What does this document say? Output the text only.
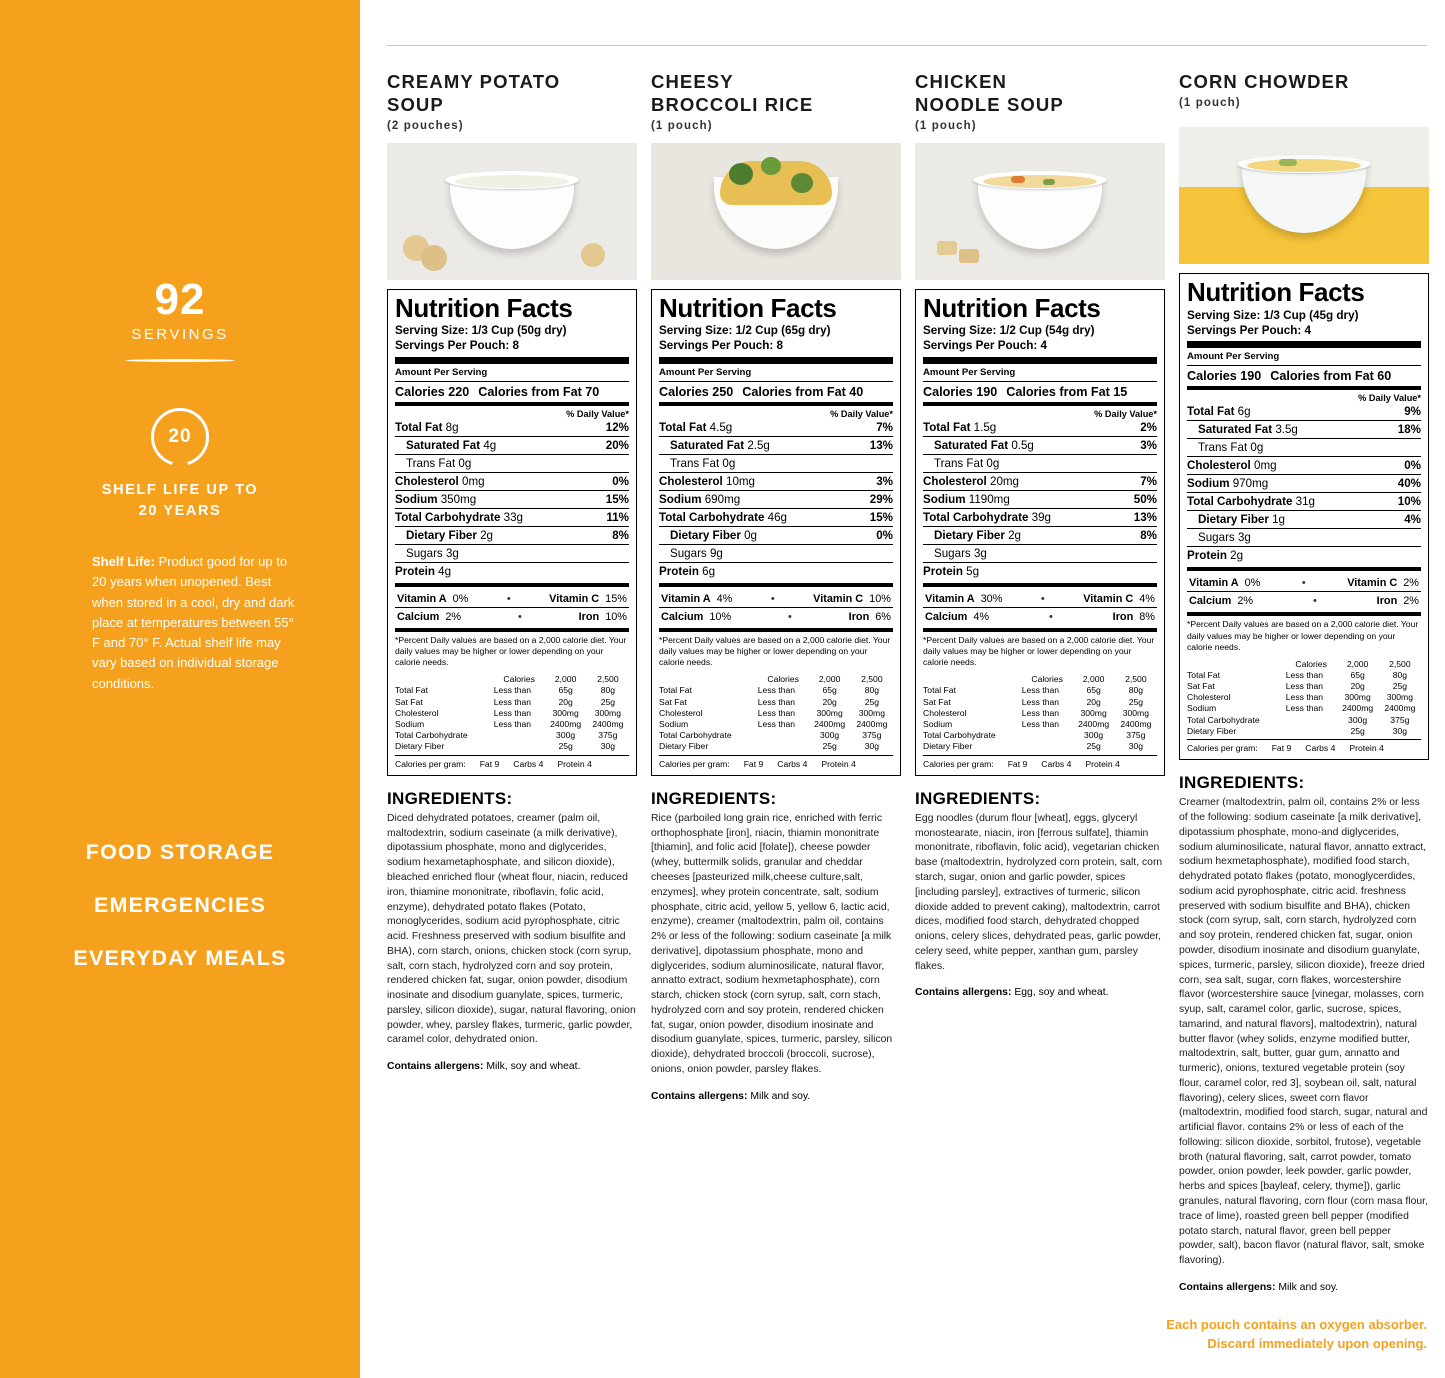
92
SERVINGS
20
SHELF LIFE UP TO
20 YEARS
Shelf Life: Product good for up to 20 years when unopened. Best when stored in a cool, dry and dark place at temperatures between 55° F and 70° F. Actual shelf life may vary based on individual storage conditions.
FOOD STORAGE
EMERGENCIES
EVERYDAY MEALS
CREAMY POTATO
SOUP
(2 pouches)
Nutrition Facts
Serving Size: 1/3 Cup (50g dry)
Servings Per Pouch: 8
Amount Per Serving
Calories 220 Calories from Fat 70
% Daily Value*
Total Fat 8g	12%
Saturated Fat 4g	20%
Trans Fat 0g
Cholesterol 0mg	0%
Sodium 350mg	15%
Total Carbohydrate 33g	11%
Dietary Fiber 2g	8%
Sugars 3g
Protein 4g
Vitamin A 0%	•	Vitamin C 15%
Calcium 2%	•	Iron 10%
*Percent Daily values are based on a 2,000 calorie diet. Your daily values may be higher or lower depending on your calorie needs.
		Calories	2,000	2,500
Total Fat		Less than	65g	80g
Sat Fat		Less than	20g	25g
Cholesterol		Less than	300mg	300mg
Sodium		Less than	2400mg	2400mg
Total Carbohydrate			300g	375g
Dietary Fiber			25g	30g
Calories per gram: Fat 9 Carbs 4 Protein 4
INGREDIENTS:
Diced dehydrated potatoes, creamer (palm oil, maltodextrin, sodium caseinate (a milk derivative), dipotassium phosphate, mono and diglycerides, sodium hexametaphosphate, and silicon dioxide), bleached enriched flour (wheat flour, niacin, reduced iron, thiamine mononitrate, riboflavin, folic acid, enzyme), dehydrated potato flakes (Potato, monoglycerides, sodium acid pyrophosphate, citric acid. Freshness preserved with sodium bisulfite and BHA), corn starch, onions, chicken stock (corn syrup, salt, corn stach, hydrolyzed corn and soy protein, rendered chicken fat, sugar, onion powder, disodium inosinate and disodium guanylate, spices, turmeric, parsley, silicon dioxide), sugar, natural flavoring, onion powder, whey, parsley flakes, turmeric, garlic powder, caramel color, dehydrated onion.
Contains allergens: Milk, soy and wheat.
CHEESY
BROCCOLI RICE
(1 pouch)
Nutrition Facts
Serving Size: 1/2 Cup (65g dry)
Servings Per Pouch: 8
Amount Per Serving
Calories 250 Calories from Fat 40
% Daily Value*
Total Fat 4.5g	7%
Saturated Fat 2.5g	13%
Trans Fat 0g
Cholesterol 10mg	3%
Sodium 690mg	29%
Total Carbohydrate 46g	15%
Dietary Fiber 0g	0%
Sugars 9g
Protein 6g
Vitamin A 4%	•	Vitamin C 10%
Calcium 10%	•	Iron 6%
*Percent Daily values are based on a 2,000 calorie diet. Your daily values may be higher or lower depending on your calorie needs.
		Calories	2,000	2,500
Total Fat		Less than	65g	80g
Sat Fat		Less than	20g	25g
Cholesterol		Less than	300mg	300mg
Sodium		Less than	2400mg	2400mg
Total Carbohydrate			300g	375g
Dietary Fiber			25g	30g
Calories per gram: Fat 9 Carbs 4 Protein 4
INGREDIENTS:
Rice (parboiled long grain rice, enriched with ferric orthophosphate [iron], niacin, thiamin mononitrate [thiamin], and folic acid [folate]), cheese powder (whey, buttermilk solids, granular and cheddar cheeses [pasteurized milk,cheese culture,salt, enzymes], whey protein concentrate, salt, sodium phosphate, citric acid, yellow 5, yellow 6, lactic acid, enzyme), creamer (maltodextrin, palm oil, contains 2% or less of the following: sodium caseinate [a milk derivative], dipotassium phosphate, mono and diglycerides, sodium aluminosilicate, natural flavor, annatto extract, sodium hexmetaphosphate), corn starch, chicken stock (corn syrup, salt, corn stach, hydrolyzed corn and soy protein, rendered chicken fat, sugar, onion powder, disodium inosinate and disodium guanylate, spices, turmeric, parsley, silicon dioxide), dehydrated broccoli (broccoli, sucrose), onions, onion powder, parsley flakes.
Contains allergens: Milk and soy.
CHICKEN
NOODLE SOUP
(1 pouch)
Nutrition Facts
Serving Size: 1/2 Cup (54g dry)
Servings Per Pouch: 4
Amount Per Serving
Calories 190 Calories from Fat 15
% Daily Value*
Total Fat 1.5g	2%
Saturated Fat 0.5g	3%
Trans Fat 0g
Cholesterol 20mg	7%
Sodium 1190mg	50%
Total Carbohydrate 39g	13%
Dietary Fiber 2g	8%
Sugars 3g
Protein 5g
Vitamin A 30%	•	Vitamin C 4%
Calcium 4%	•	Iron 8%
*Percent Daily values are based on a 2,000 calorie diet. Your daily values may be higher or lower depending on your calorie needs.
		Calories	2,000	2,500
Total Fat		Less than	65g	80g
Sat Fat		Less than	20g	25g
Cholesterol		Less than	300mg	300mg
Sodium		Less than	2400mg	2400mg
Total Carbohydrate			300g	375g
Dietary Fiber			25g	30g
Calories per gram: Fat 9 Carbs 4 Protein 4
INGREDIENTS:
Egg noodles (durum flour [wheat], eggs, glyceryl monostearate, niacin, iron [ferrous sulfate], thiamin mononitrate, riboflavin, folic acid), vegetarian chicken base (maltodextrin, hydrolyzed corn protein, salt, corn starch, sugar, onion and garlic powder, spices [including parsley], extractives of turmeric, silicon dioxide added to prevent caking), maltodextrin, carrot dices, modified food starch, dehydrated chopped onions, celery slices, dehydrated peas, garlic powder, celery seed, white pepper, xanthan gum, parsley flakes.
Contains allergens: Egg, soy and wheat.
CORN CHOWDER
(1 pouch)
Nutrition Facts
Serving Size: 1/3 Cup (45g dry)
Servings Per Pouch: 4
Amount Per Serving
Calories 190 Calories from Fat 60
% Daily Value*
Total Fat 6g	9%
Saturated Fat 3.5g	18%
Trans Fat 0g
Cholesterol 0mg	0%
Sodium 970mg	40%
Total Carbohydrate 31g	10%
Dietary Fiber 1g	4%
Sugars 3g
Protein 2g
Vitamin A 0%	•	Vitamin C 2%
Calcium 2%	•	Iron 2%
*Percent Daily values are based on a 2,000 calorie diet. Your daily values may be higher or lower depending on your calorie needs.
		Calories	2,000	2,500
Total Fat		Less than	65g	80g
Sat Fat		Less than	20g	25g
Cholesterol		Less than	300mg	300mg
Sodium		Less than	2400mg	2400mg
Total Carbohydrate			300g	375g
Dietary Fiber			25g	30g
Calories per gram: Fat 9 Carbs 4 Protein 4
INGREDIENTS:
Creamer (maltodextrin, palm oil, contains 2% or less of the following: sodium caseinate [a milk derivative], dipotassium phosphate, mono-and diglycerides, sodium aluminosilicate, natural flavor, annatto extract, sodium hexmetaphosphate), modified food starch, dehydrated potato flakes (potato, monoglycerdides, sodium acid pyrophosphate, citric acid. freshness preserved with sodium bisulfite and BHA), chicken stock (corn syrup, salt, corn starch, hydrolyzed corn and soy protein, rendered chicken fat, sugar, onion powder, disodium inosinate and disodium guanylate, spices, turmeric, parsley, silicon dioxide), freeze dried corn, sea salt, sugar, corn flakes, worcestershire flavor (worcestershire sauce [vinegar, molasses, corn syup, salt, caramel color, garlic, sucrose, spices, tamarind, and natural flavors], maltodextrin), natural butter flavor (whey solids, enzyme modified butter, maltodextrin, salt, butter, guar gum, annatto and turmeric), onions, textured vegetable protein (soy flour, caramel color, red 3], soybean oil, salt, natural flavoring), celery slices, sweet corn flavor (maltodextrin, modified food starch, sugar, natural and artificial flavor. contains 2% or less of each of the following: silicon dioxide, sorbitol, frutose), vegetable broth (natural flavoring, salt, carrot powder, tomato powder, onion powder, leek powder, garlic powder, herbs and spices [bayleaf, celery, thyme]), garlic granules, natural flavoring, corn flour (corn masa flour, trace of lime), roasted green bell pepper (modified potato starch, natural flavor, green bell pepper powder, salt), bacon flavor (natural flavor, salt, smoke flavoring).
Contains allergens: Milk and soy.
Each pouch contains an oxygen absorber.
Discard immediately upon opening.
